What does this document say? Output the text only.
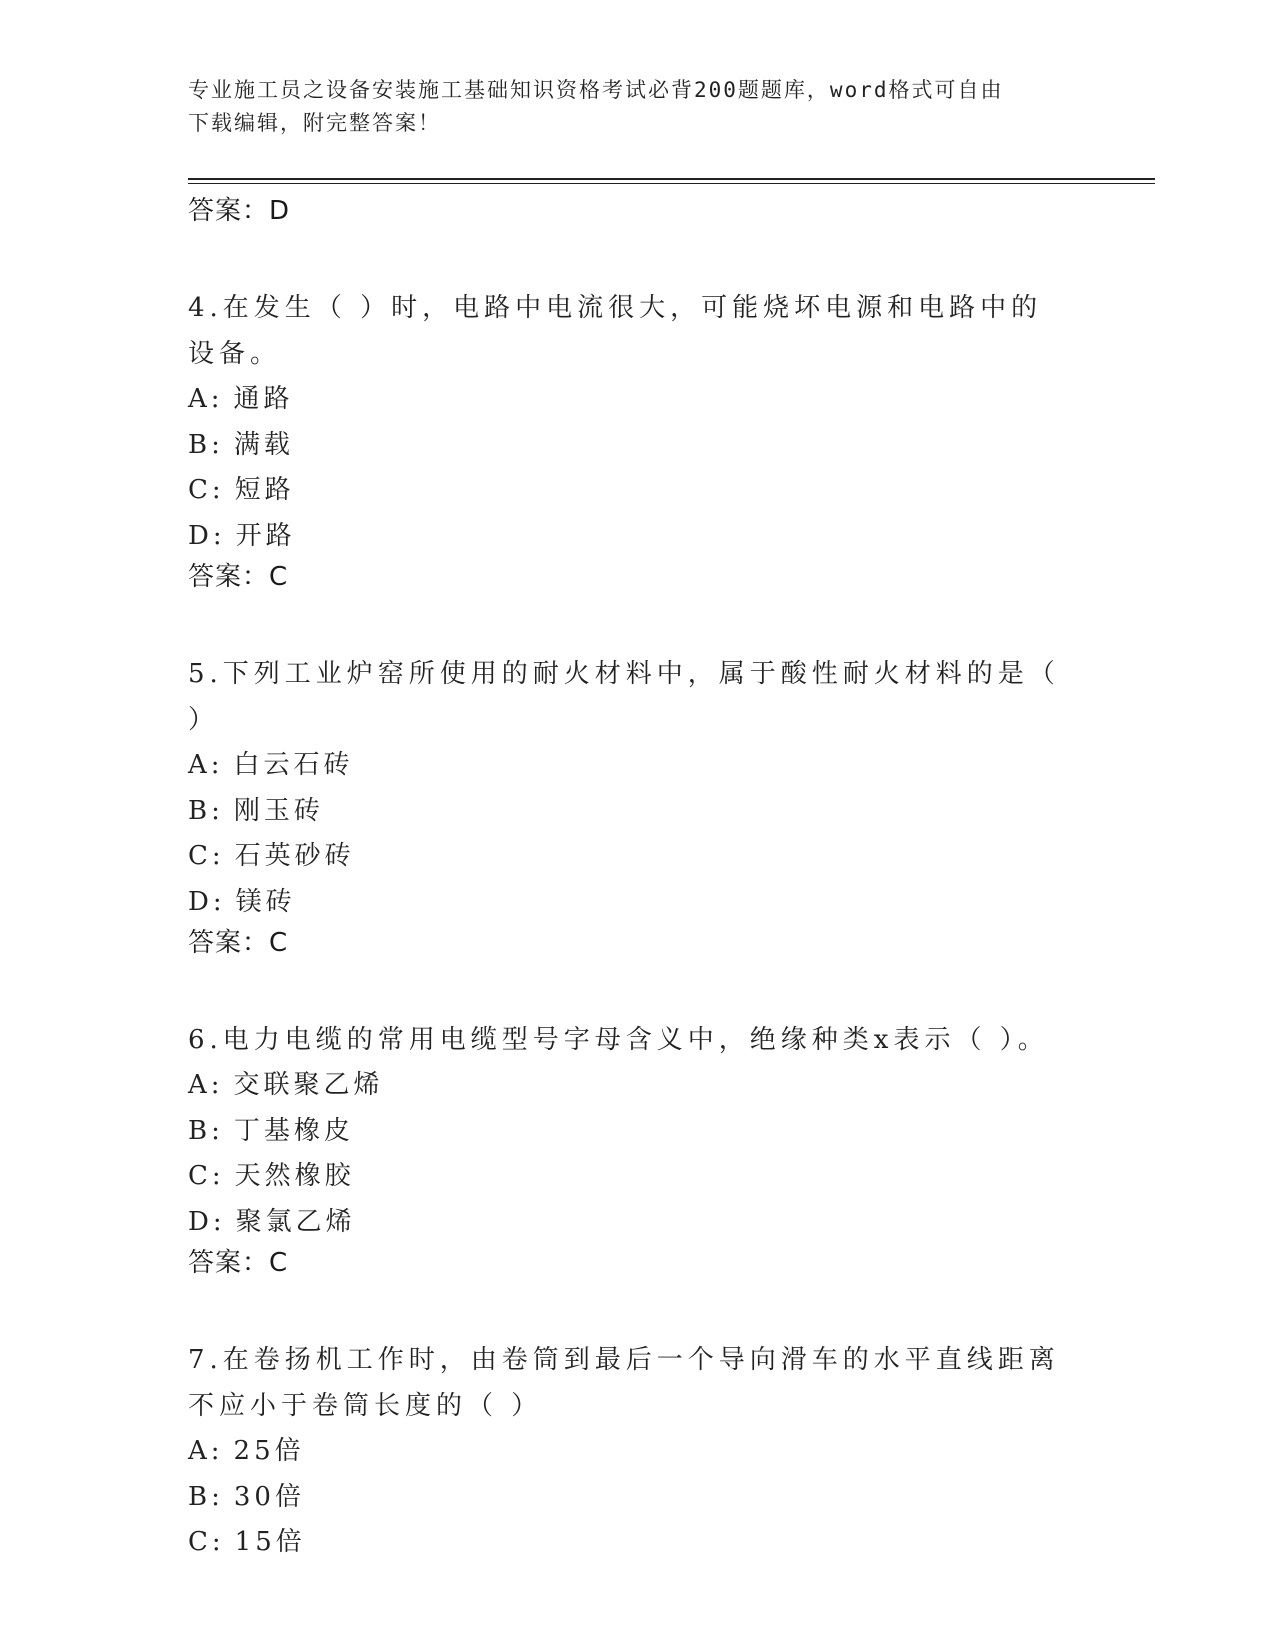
专业施工员之设备安装施工基础知识资格考试必背200题题库，word格式可自由
下载编辑，附完整答案！

答案：D

4.在发生（ ）时，电路中电流很大，可能烧坏电源和电路中的设备。

A: 通路

B: 满载

C: 短路

D: 开路

答案：C

5.下列工业炉窑所使用的耐火材料中，属于酸性耐火材料的是（ ）

A: 白云石砖

B: 刚玉砖

C: 石英砂砖

D: 镁砖

答案：C

6.电力电缆的常用电缆型号字母含义中，绝缘种类x表示（ ）。

A: 交联聚乙烯

B: 丁基橡皮

C: 天然橡胶

D: 聚氯乙烯

答案：C

7.在卷扬机工作时，由卷筒到最后一个导向滑车的水平直线距离不应小于卷筒长度的（ ）

A: 25倍

B: 30倍

C: 15倍
